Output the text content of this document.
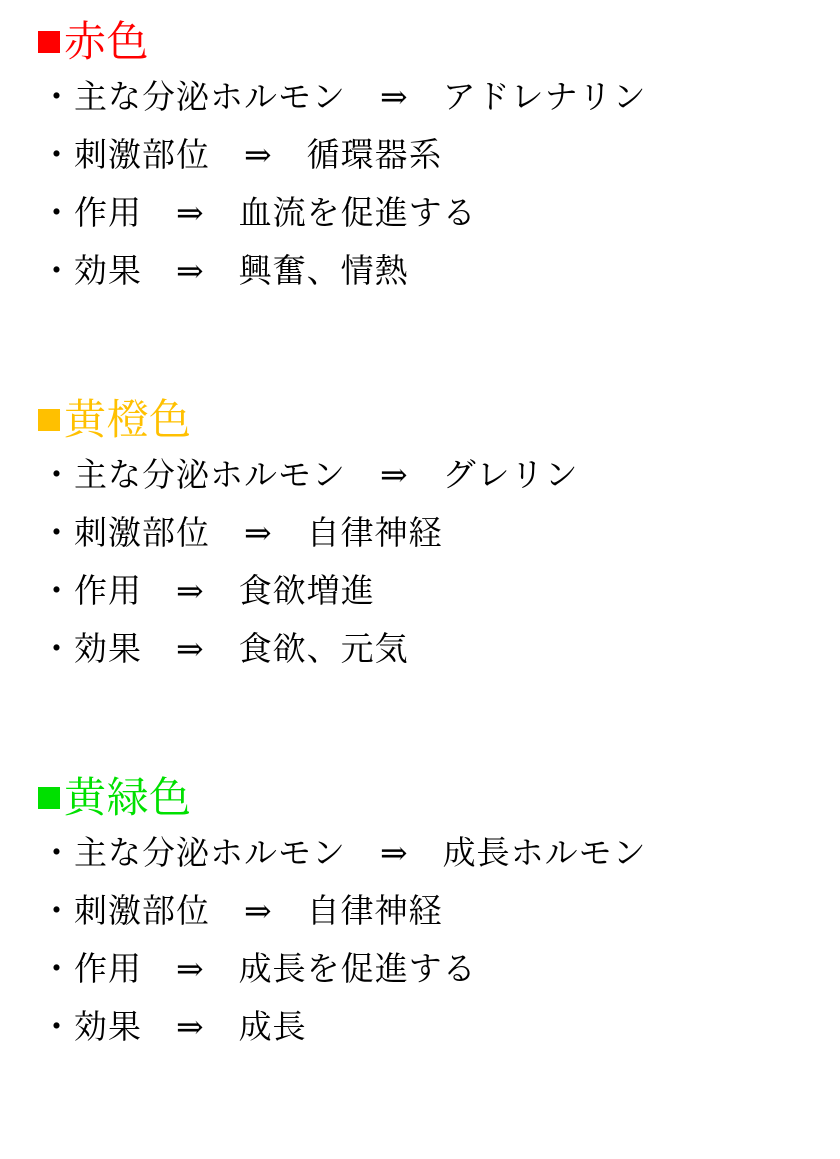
赤色
・主な分泌ホルモン　⇒　アドレナリン
・刺激部位　⇒　循環器系
・作用　⇒　血流を促進する
・効果　⇒　興奮、情熱
黄橙色
・主な分泌ホルモン　⇒　グレリン
・刺激部位　⇒　自律神経
・作用　⇒　食欲増進
・効果　⇒　食欲、元気
黄緑色
・主な分泌ホルモン　⇒　成長ホルモン
・刺激部位　⇒　自律神経
・作用　⇒　成長を促進する
・効果　⇒　成長
